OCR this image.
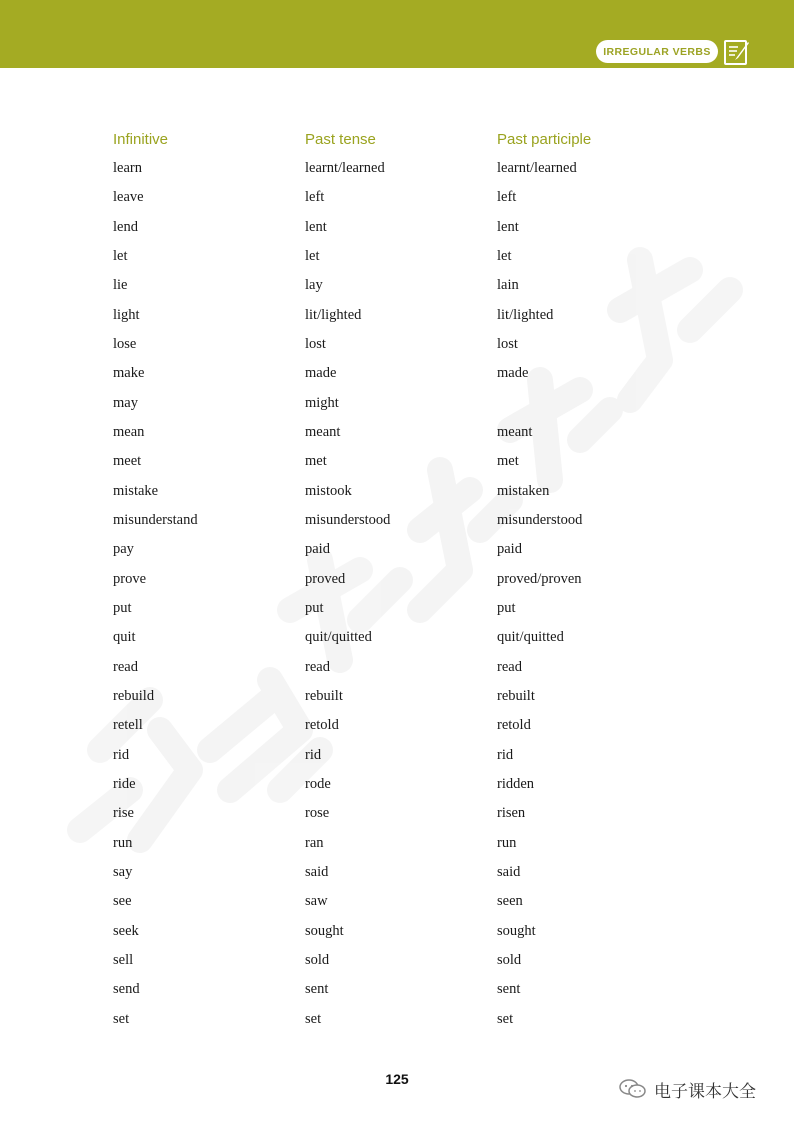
IRREGULAR VERBS
Infinitive	Past tense	Past participle
learn	learnt/learned	learnt/learned
leave	left	left
lend	lent	lent
let	let	let
lie	lay	lain
light	lit/lighted	lit/lighted
lose	lost	lost
make	made	made
may	might
mean	meant	meant
meet	met	met
mistake	mistook	mistaken
misunderstand	misunderstood	misunderstood
pay	paid	paid
prove	proved	proved/proven
put	put	put
quit	quit/quitted	quit/quitted
read	read	read
rebuild	rebuilt	rebuilt
retell	retold	retold
rid	rid	rid
ride	rode	ridden
rise	rose	risen
run	ran	run
say	said	said
see	saw	seen
seek	sought	sought
sell	sold	sold
send	sent	sent
set	set	set
125
电子课本大全
